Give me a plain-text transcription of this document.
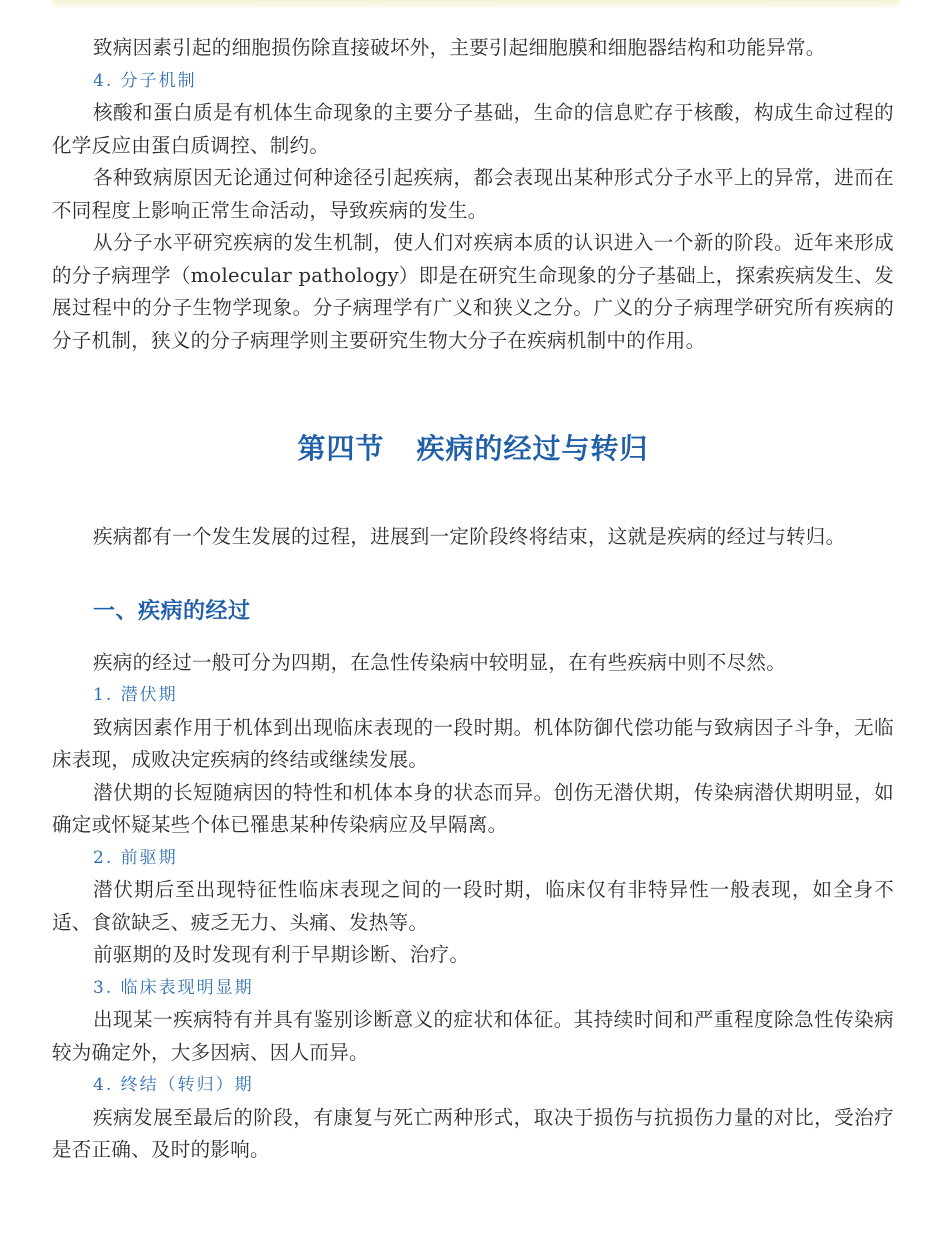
致病因素引起的细胞损伤除直接破坏外，主要引起细胞膜和细胞器结构和功能异常。

4. 分子机制

核酸和蛋白质是有机体生命现象的主要分子基础，生命的信息贮存于核酸，构成生命过程的化学反应由蛋白质调控、制约。

各种致病原因无论通过何种途径引起疾病，都会表现出某种形式分子水平上的异常，进而在不同程度上影响正常生命活动，导致疾病的发生。

从分子水平研究疾病的发生机制，使人们对疾病本质的认识进入一个新的阶段。近年来形成的分子病理学（molecular pathology）即是在研究生命现象的分子基础上，探索疾病发生、发展过程中的分子生物学现象。分子病理学有广义和狭义之分。广义的分子病理学研究所有疾病的分子机制，狭义的分子病理学则主要研究生物大分子在疾病机制中的作用。

第四节 疾病的经过与转归

疾病都有一个发生发展的过程，进展到一定阶段终将结束，这就是疾病的经过与转归。

一、疾病的经过

疾病的经过一般可分为四期，在急性传染病中较明显，在有些疾病中则不尽然。

1. 潜伏期

致病因素作用于机体到出现临床表现的一段时期。机体防御代偿功能与致病因子斗争，无临床表现，成败决定疾病的终结或继续发展。

潜伏期的长短随病因的特性和机体本身的状态而异。创伤无潜伏期，传染病潜伏期明显，如确定或怀疑某些个体已罹患某种传染病应及早隔离。

2. 前驱期

潜伏期后至出现特征性临床表现之间的一段时期，临床仅有非特异性一般表现，如全身不适、食欲缺乏、疲乏无力、头痛、发热等。

前驱期的及时发现有利于早期诊断、治疗。

3. 临床表现明显期

出现某一疾病特有并具有鉴别诊断意义的症状和体征。其持续时间和严重程度除急性传染病较为确定外，大多因病、因人而异。

4. 终结（转归）期

疾病发展至最后的阶段，有康复与死亡两种形式，取决于损伤与抗损伤力量的对比，受治疗是否正确、及时的影响。
